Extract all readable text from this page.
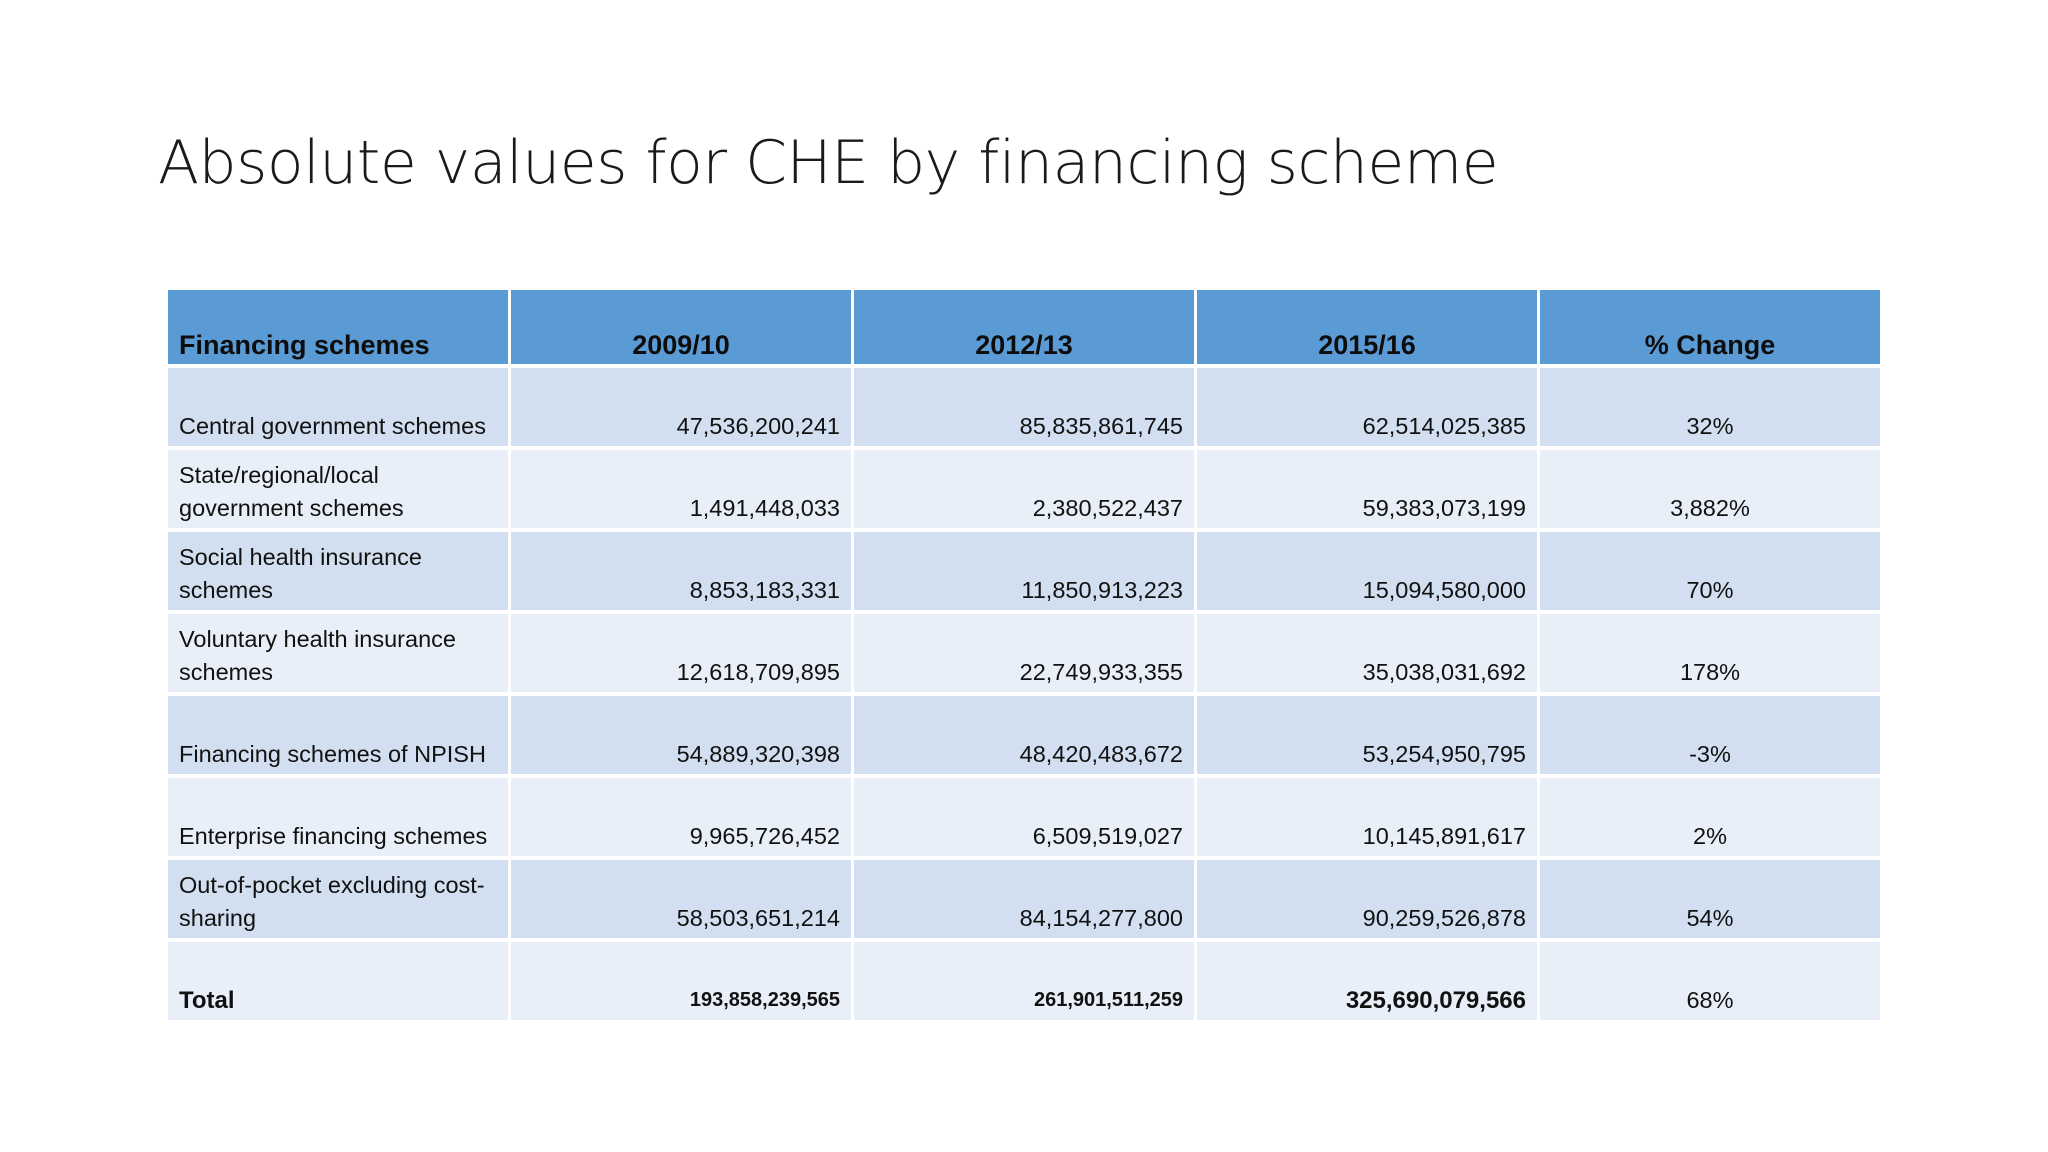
Absolute values for CHE by financing scheme
Financing schemes	2009/10	2012/13	2015/16	% Change
Central government schemes	47,536,200,241	85,835,861,745	62,514,025,385	32%
State/regional/local government schemes	1,491,448,033	2,380,522,437	59,383,073,199	3,882%
Social health insurance schemes	8,853,183,331	11,850,913,223	15,094,580,000	70%
Voluntary health insurance schemes	12,618,709,895	22,749,933,355	35,038,031,692	178%
Financing schemes of NPISH	54,889,320,398	48,420,483,672	53,254,950,795	-3%
Enterprise financing schemes	9,965,726,452	6,509,519,027	10,145,891,617	2%
Out-of-pocket excluding cost-sharing	58,503,651,214	84,154,277,800	90,259,526,878	54%
Total	193,858,239,565	261,901,511,259	325,690,079,566	68%
